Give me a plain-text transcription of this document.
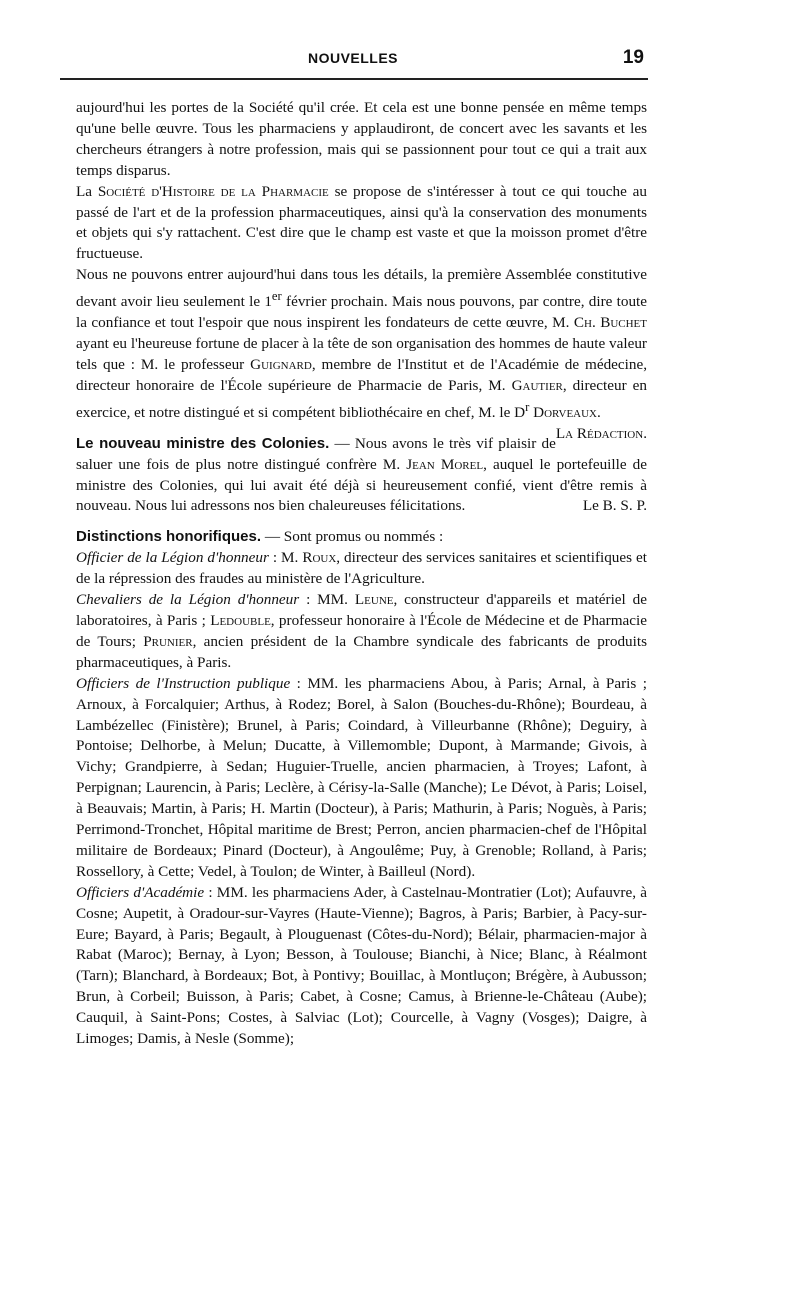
NOUVELLES	19

aujourd'hui les portes de la Société qu'il crée. Et cela est une bonne pensée en même temps qu'une belle œuvre. Tous les pharmaciens y applaudiront, de concert avec les savants et les chercheurs étrangers à notre profession, mais qui se passionnent pour tout ce qui a trait aux temps disparus.

La Société d'Histoire de la Pharmacie se propose de s'intéresser à tout ce qui touche au passé de l'art et de la profession pharmaceutiques, ainsi qu'à la conservation des monuments et objets qui s'y rattachent. C'est dire que le champ est vaste et que la moisson promet d'être fructueuse.

Nous ne pouvons entrer aujourd'hui dans tous les détails, la première Assemblée constitutive devant avoir lieu seulement le 1er février prochain. Mais nous pouvons, par contre, dire toute la confiance et tout l'espoir que nous inspirent les fondateurs de cette œuvre, M. Ch. Buchet ayant eu l'heureuse fortune de placer à la tête de son organisation des hommes de haute valeur tels que : M. le professeur Guignard, membre de l'Institut et de l'Académie de médecine, directeur honoraire de l'École supérieure de Pharmacie de Paris, M. Gautier, directeur en exercice, et notre distingué et si compétent bibliothécaire en chef, M. le $D^r$ Dorveaux.
La Rédaction.

Le nouveau ministre des Colonies. — Nous avons le très vif plaisir de saluer une fois de plus notre distingué confrère M. Jean Morel, auquel le portefeuille de ministre des Colonies, qui lui avait été déjà si heureusement confié, vient d'être remis à nouveau. Nous lui adressons nos bien chaleureuses félicitations.	Le B. S. P.

Distinctions honorifiques. — Sont promus ou nommés :

Officier de la Légion d'honneur : M. Roux, directeur des services sanitaires et scientifiques et de la répression des fraudes au ministère de l'Agriculture.

Chevaliers de la Légion d'honneur : MM. Leune, constructeur d'appareils et matériel de laboratoires, à Paris ; Ledouble, professeur honoraire à l'École de Médecine et de Pharmacie de Tours; Prunier, ancien président de la Chambre syndicale des fabricants de produits pharmaceutiques, à Paris.

Officiers de l'Instruction publique : MM. les pharmaciens Abou, à Paris; Arnal, à Paris ; Arnoux, à Forcalquier; Arthus, à Rodez; Borel, à Salon (Bouches-du-Rhône); Bourdeau, à Lambézellec (Finistère); Brunel, à Paris; Coindard, à Villeurbanne (Rhône); Deguiry, à Pontoise; Delhorbe, à Melun; Ducatte, à Villemomble; Dupont, à Marmande; Givois, à Vichy; Grandpierre, à Sedan; Huguier-Truelle, ancien pharmacien, à Troyes; Lafont, à Perpignan; Laurencin, à Paris; Leclère, à Cérisy-la-Salle (Manche); Le Dévot, à Paris; Loisel, à Beauvais; Martin, à Paris; H. Martin (Docteur), à Paris; Mathurin, à Paris; Noguès, à Paris; Perrimond-Tronchet, Hôpital maritime de Brest; Perron, ancien pharmacien-chef de l'Hôpital militaire de Bordeaux; Pinard (Docteur), à Angoulême; Puy, à Grenoble; Rolland, à Paris; Rossellory, à Cette; Vedel, à Toulon; de Winter, à Bailleul (Nord).

Officiers d'Académie : MM. les pharmaciens Ader, à Castelnau-Montratier (Lot); Aufauvre, à Cosne; Aupetit, à Oradour-sur-Vayres (Haute-Vienne); Bagros, à Paris; Barbier, à Pacy-sur-Eure; Bayard, à Paris; Begault, à Plouguenast (Côtes-du-Nord); Bélair, pharmacien-major à Rabat (Maroc); Bernay, à Lyon; Besson, à Toulouse; Bianchi, à Nice; Blanc, à Réalmont (Tarn); Blanchard, à Bordeaux; Bot, à Pontivy; Bouillac, à Montluçon; Brégère, à Aubusson; Brun, à Corbeil; Buisson, à Paris; Cabet, à Cosne; Camus, à Brienne-le-Château (Aube); Cauquil, à Saint-Pons; Costes, à Salviac (Lot); Courcelle, à Vagny (Vosges); Daigre, à Limoges; Damis, à Nesle (Somme);
